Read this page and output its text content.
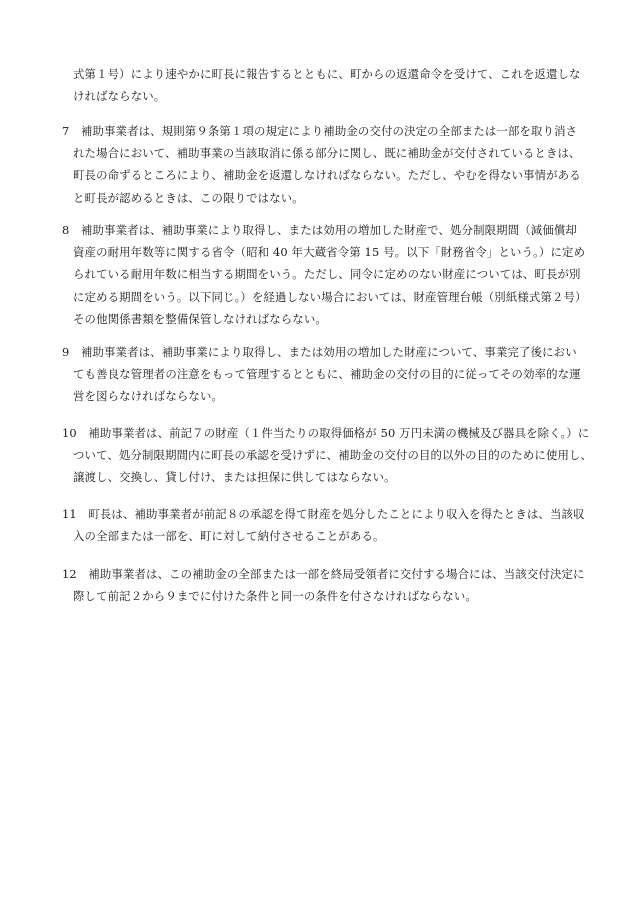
式第１号）により速やかに町長に報告するとともに、町からの返還命令を受けて、これを返還しな
ければならない。
7　補助事業者は、規則第９条第１項の規定により補助金の交付の決定の全部または一部を取り消さ
れた場合において、補助事業の当該取消に係る部分に関し、既に補助金が交付されているときは、
町長の命ずるところにより、補助金を返還しなければならない。ただし、やむを得ない事情がある
と町長が認めるときは、この限りではない。
8　補助事業者は、補助事業により取得し、または効用の増加した財産で、処分制限期間（減価償却
資産の耐用年数等に関する省令（昭和 40 年大蔵省令第 15 号。以下「財務省令」という。）に定め
られている耐用年数に相当する期間をいう。ただし、同令に定めのない財産については、町長が別
に定める期間をいう。以下同じ。）を経過しない場合においては、財産管理台帳（別紙様式第２号）
その他関係書類を整備保管しなければならない。
9　補助事業者は、補助事業により取得し、または効用の増加した財産について、事業完了後におい
ても善良な管理者の注意をもって管理するとともに、補助金の交付の目的に従ってその効率的な運
営を図らなければならない。
10　補助事業者は、前記７の財産（１件当たりの取得価格が 50 万円未満の機械及び器具を除く。）に
ついて、処分制限期間内に町長の承認を受けずに、補助金の交付の目的以外の目的のために使用し、
譲渡し、交換し、貸し付け、または担保に供してはならない。
11　町長は、補助事業者が前記８の承認を得て財産を処分したことにより収入を得たときは、当該収
入の全部または一部を、町に対して納付させることがある。
12　補助事業者は、この補助金の全部または一部を終局受領者に交付する場合には、当該交付決定に
際して前記２から９までに付けた条件と同一の条件を付さなければならない。
